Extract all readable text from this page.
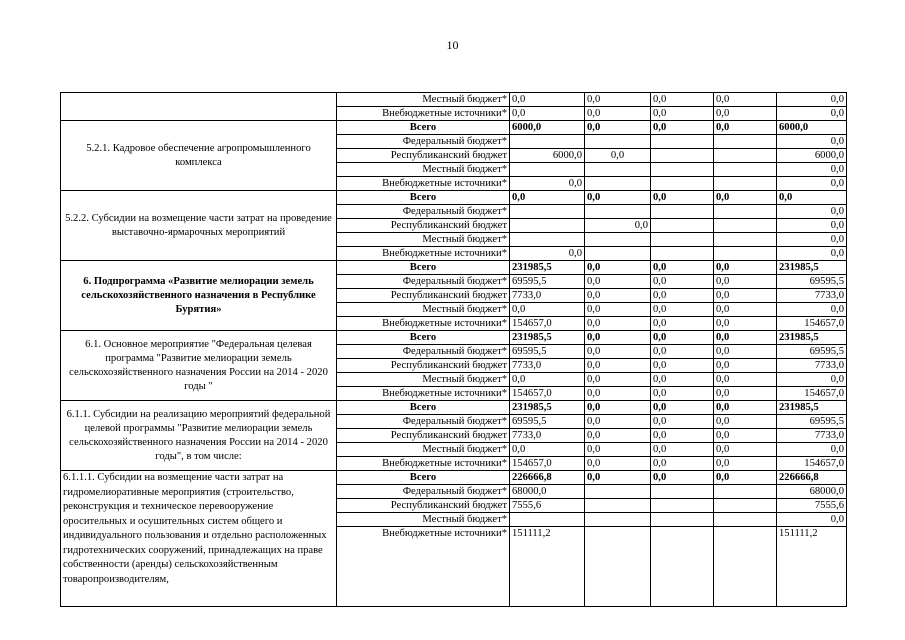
10
	Местный бюджет*	0,0	0,0	0,0	0,0	0,0
	Внебюджетные источники*	0,0	0,0	0,0	0,0	0,0
5.2.1. Кадровое обеспечение агропромышленного комплекса	Всего	6000,0	0,0	0,0	0,0	6000,0
	Федеральный бюджет*					0,0
	Республиканский бюджет	6000,0	0,0			6000,0
	Местный бюджет*					0,0
	Внебюджетные источники*	0,0				0,0
5.2.2. Субсидии на возмещение части затрат на проведение выставочно-ярмарочных мероприятий	Всего	0,0	0,0	0,0	0,0	0,0
	Федеральный бюджет*					0,0
	Республиканский бюджет		0,0			0,0
	Местный бюджет*					0,0
	Внебюджетные источники*	0,0				0,0
6. Подпрограмма «Развитие мелиорации земель сельскохозяйственного назначения в Республике Бурятия»	Всего	231985,5	0,0	0,0	0,0	231985,5
	Федеральный бюджет*	69595,5	0,0	0,0	0,0	69595,5
	Республиканский бюджет	7733,0	0,0	0,0	0,0	7733,0
	Местный бюджет*	0,0	0,0	0,0	0,0	0,0
	Внебюджетные источники*	154657,0	0,0	0,0	0,0	154657,0
6.1. Основное мероприятие "Федеральная целевая программа "Развитие мелиорации земель сельскохозяйственного назначения России на 2014 - 2020 годы "	Всего	231985,5	0,0	0,0	0,0	231985,5
	Федеральный бюджет*	69595,5	0,0	0,0	0,0	69595,5
	Республиканский бюджет	7733,0	0,0	0,0	0,0	7733,0
	Местный бюджет*	0,0	0,0	0,0	0,0	0,0
	Внебюджетные источники*	154657,0	0,0	0,0	0,0	154657,0
6.1.1. Субсидии на реализацию мероприятий федеральной целевой программы "Развитие мелиорации земель сельскохозяйственного назначения России на 2014 - 2020 годы", в том числе:	Всего	231985,5	0,0	0,0	0,0	231985,5
	Федеральный бюджет*	69595,5	0,0	0,0	0,0	69595,5
	Республиканский бюджет	7733,0	0,0	0,0	0,0	7733,0
	Местный бюджет*	0,0	0,0	0,0	0,0	0,0
	Внебюджетные источники*	154657,0	0,0	0,0	0,0	154657,0
6.1.1.1. Субсидии на возмещение части затрат на гидромелиоративные мероприятия (строительство, реконструкция и техническое перевооружение оросительных и осушительных систем общего и индивидуального пользования и отдельно расположенных гидротехнических сооружений, принадлежащих на праве собственности (аренды) сельскохозяйственным товаропроизводителям,	Всего	226666,8	0,0	0,0	0,0	226666,8
	Федеральный бюджет*	68000,0				68000,0
	Республиканский бюджет	7555,6				7555,6
	Местный бюджет*					0,0
	Внебюджетные источники*	151111,2				151111,2
